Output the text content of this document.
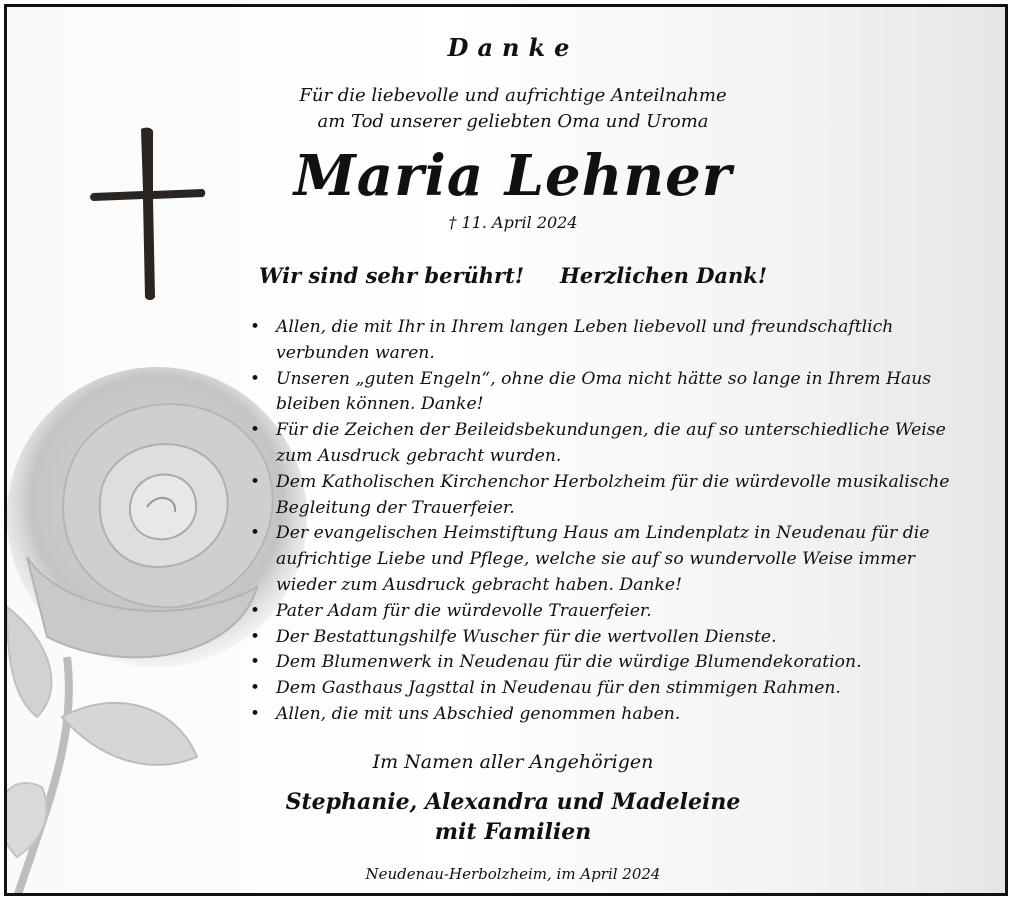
Danke
Für die liebevolle und aufrichtige Anteilnahme
am Tod unserer geliebten Oma und Uroma
Maria Lehner
† 11. April 2024
Wir sind sehr berührt! Herzlichen Dank!
• Allen, die mit Ihr in Ihrem langen Leben liebevoll und freundschaftlich verbunden waren.
• Unseren „guten Engeln“, ohne die Oma nicht hätte so lange in Ihrem Haus bleiben können. Danke!
• Für die Zeichen der Beileidsbekundungen, die auf so unterschiedliche Weise zum Ausdruck gebracht wurden.
• Dem Katholischen Kirchenchor Herbolzheim für die würdevolle musikalische Begleitung der Trauerfeier.
• Der evangelischen Heimstiftung Haus am Lindenplatz in Neudenau für die aufrichtige Liebe und Pflege, welche sie auf so wundervolle Weise immer wieder zum Ausdruck gebracht haben. Danke!
• Pater Adam für die würdevolle Trauerfeier.
• Der Bestattungshilfe Wuscher für die wertvollen Dienste.
• Dem Blumenwerk in Neudenau für die würdige Blumendekoration.
• Dem Gasthaus Jagsttal in Neudenau für den stimmigen Rahmen.
• Allen, die mit uns Abschied genommen haben.
Im Namen aller Angehörigen
Stephanie, Alexandra und Madeleine
mit Familien
Neudenau-Herbolzheim, im April 2024
